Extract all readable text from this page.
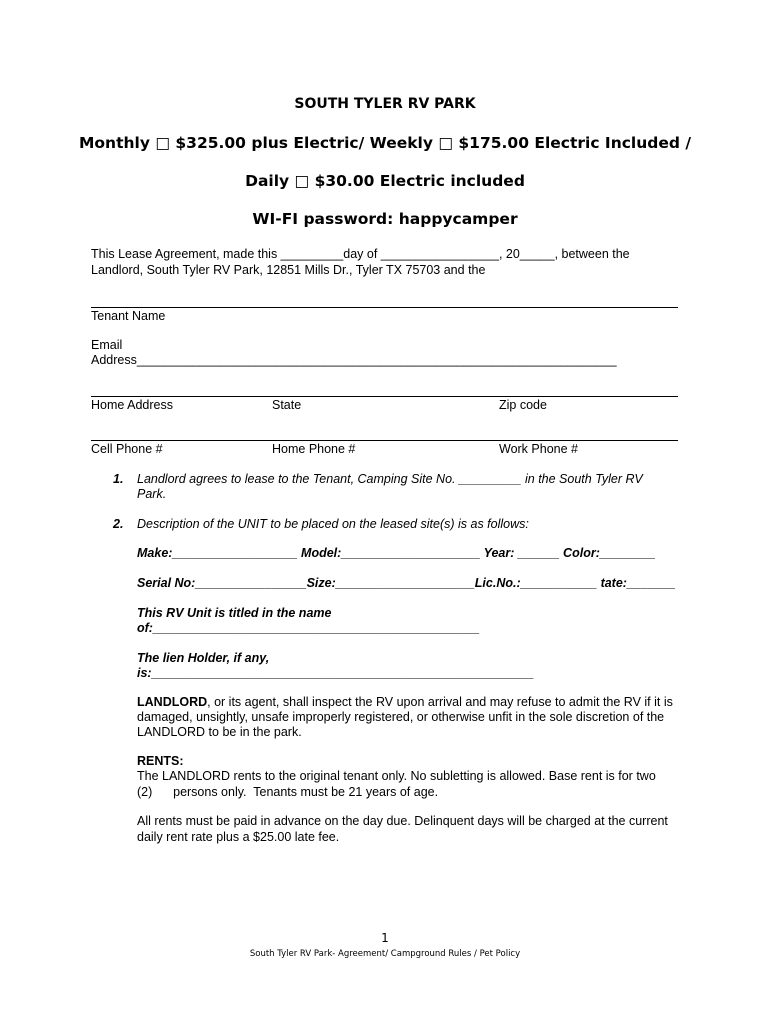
SOUTH TYLER RV PARK
Monthly □ $325.00 plus Electric/ Weekly □ $175.00 Electric Included /
Daily □ $30.00 Electric included
WI-FI password: happycamper
This Lease Agreement, made this _________day of _________________, 20_____, between the
Landlord, South Tyler RV Park, 12851 Mills Dr., Tyler TX 75703 and the
Tenant Name
Email
Address_____________________________________________________________________
Home Address	State	Zip code
Cell Phone #	Home Phone #	Work Phone #
1. Landlord agrees to lease to the Tenant, Camping Site No. _________ in the South Tyler RV
Park.
2. Description of the UNIT to be placed on the leased site(s) is as follows:
Make:__________________ Model:____________________ Year: ______ Color:________
Serial No:________________Size:____________________Lic.No.:___________ tate:_______
This RV Unit is titled in the name
of:_______________________________________________
The lien Holder, if any,
is:_______________________________________________________
LANDLORD, or its agent, shall inspect the RV upon arrival and may refuse to admit the RV if it is
damaged, unsightly, unsafe improperly registered, or otherwise unfit in the sole discretion of the
LANDLORD to be in the park.
RENTS:
The LANDLORD rents to the original tenant only. No subletting is allowed. Base rent is for two
(2)      persons only.  Tenants must be 21 years of age.
All rents must be paid in advance on the day due. Delinquent days will be charged at the current
daily rent rate plus a $25.00 late fee.
1
South Tyler RV Park- Agreement/ Campground Rules / Pet Policy
